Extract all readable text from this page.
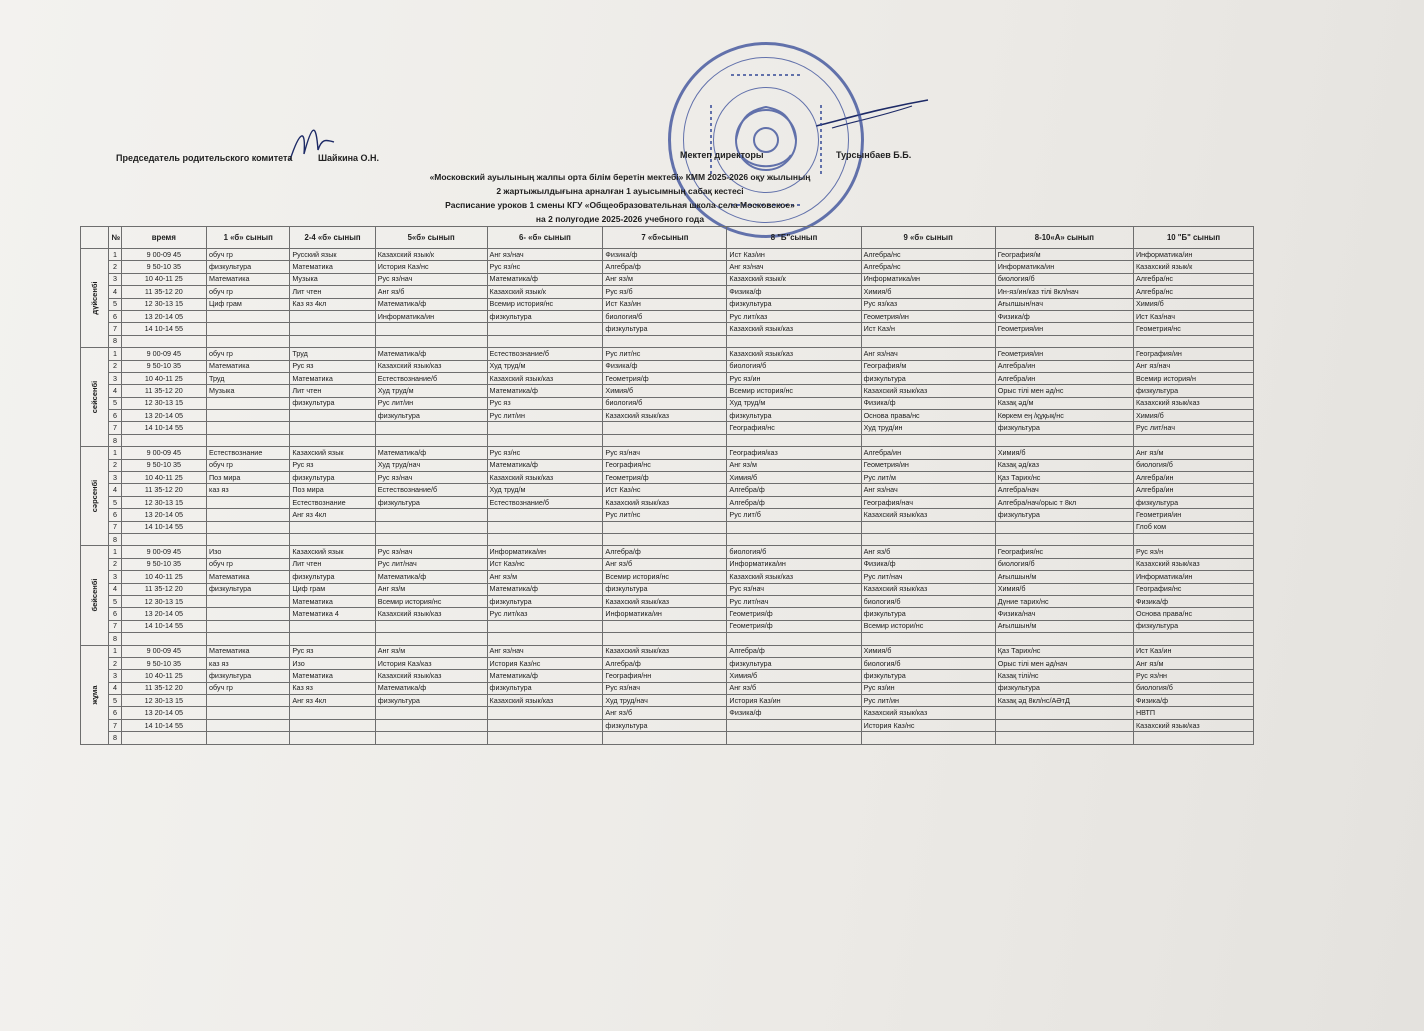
Председатель родительского комитета	Шайкина О.Н.	Мектеп директоры	Турсынбаев Б.Б.
«Московский ауылының жалпы орта білім беретін мектебі» КММ 2025-2026 оқу жылының
2 жартыжылдығына арналған 1 ауысымның сабақ кестесі
Расписание уроков 1 смены КГУ «Общеобразовательная школа села Московское»
на 2 полугодие 2025-2026 учебного года
	№	время	1 «б» сынып	2-4 «б» сынып	5«б» сынып	6- «б» сынып	7 «б»сынып	8 "Б"сынып	9 «б» сынып	8-10«А» сынып	10 "Б" сынып

дүйсенбі	1	9 00-09 45	обуч гр	Русский язык	Казахский язык/к	Анг яз/нач	Физика/ф	Ист Каз/ин	Алгебра/нс	География/м	Информатика/ин
	2	9 50-10 35	физкультура	Математика	История Каз/нс	Рус яз/нс	Алгебра/ф	Анг яз/нач	Алгебра/нс	Информатика/ин	Казахский язык/к
	3	10 40-11 25	Математика	Музыка	Рус яз/нач	Математика/ф	Анг яз/м	Казахский язык/к	Информатика/ин	биология/б	Алгебра/нс
	4	11 35-12 20	обуч гр	Лит чтен	Анг яз/б	Казахский язык/к	Рус яз/б	Физика/ф	Химия/б	Ин-яз/ин/каз тілі 8кл/нач	Алгебра/нс
	5	12 30-13 15	Циф грам	Каз яз 4кл	Математика/ф	Всемир история/нс	Ист Каз/ин	физкультура	Рус яз/каз	Ағылшын/нач	Химия/б
	6	13 20-14 05			Информатика/ин	физкультура	биология/б	Рус лит/каз	Геометрия/ин	Физика/ф	Ист Каз/нач
	7	14 10-14 55					физкультура	Казахский язык/каз	Ист Каз/н	Геометрия/ин	Геометрия/нс
	8										

сейсенбі	1	9 00-09 45	обуч гр	Труд	Математика/ф	Естествознание/б	Рус лит/нс	Казахский язык/каз	Анг яз/нач	Геометрия/ин	География/ин
	2	9 50-10 35	Математика	Рус яз	Казахский язык/каз	Худ труд/м	Физика/ф	биология/б	География/м	Алгебра/ин	Анг яз/нач
	3	10 40-11 25	Труд	Математика	Естествознание/б	Казахский язык/каз	Геометрия/ф	Рус яз/ин	физкультура	Алгебра/ин	Всемир история/н
	4	11 35-12 20	Музыка	Лит чтен	Худ труд/м	Математика/ф	Химия/б	Всемир история/нс	Казахский язык/каз	Орыс тілі мен әд/нс	физкультура
	5	12 30-13 15		физкультура	Рус лит/ин	Рус яз	биология/б	Худ труд/м	Физика/ф	Казақ әд/м	Казахский язык/каз
	6	13 20-14 05			физкультура	Рус лит/ин	Казахский язык/каз	физкультура	Основа права/нс	Көркем ең /құқық/нс	Химия/б
	7	14 10-14 55						География/нс	Худ труд/ин	физкультура	Рус лит/нач
	8										

сәрсенбі	1	9 00-09 45	Естествознание	Казахский язык	Математика/ф	Рус яз/нс	Рус яз/нач	География/каз	Алгебра/ин	Химия/б	Анг яз/м
	2	9 50-10 35	обуч гр	Рус яз	Худ труд/нач	Математика/ф	География/нс	Анг яз/м	Геометрия/ин	Казақ әд/каз	биология/б
	3	10 40-11 25	Поз мира	физкультура	Рус яз/нач	Казахский язык/каз	Геометрия/ф	Химия/б	Рус лит/м	Қаз Тарих/нс	Алгебра/ин
	4	11 35-12 20	каз яз	Поз мира	Естествознание/б	Худ труд/м	Ист Каз/нс	Алгебра/ф	Анг яз/нач	Алгебра/нач	Алгебра/ин
	5	12 30-13 15		Естествознание	физкультура	Естествознание/б	Казахский язык/каз	Алгебра/ф	География/нач	Алгебра/нач/орыс т 8кл	физкультура
	6	13 20-14 05		Анг яз 4кл			Рус лит/нс	Рус лит/б	Казахский язык/каз	физкультура	Геометрия/ин
	7	14 10-14 55									Глоб ком
	8										

бейсенбі	1	9 00-09 45	Изо	Казахский язык	Рус яз/нач	Информатика/ин	Алгебра/ф	биология/б	Анг яз/б	География/нс	Рус яз/н
	2	9 50-10 35	обуч гр	Лит чтен	Рус лит/нач	Ист Каз/нс	Анг яз/б	Информатика/ин	Физика/ф	биология/б	Казахский язык/каз
	3	10 40-11 25	Математика	физкультура	Математика/ф	Анг яз/м	Всемир история/нс	Казахский язык/каз	Рус лит/нач	Ағылшын/м	Информатика/ин
	4	11 35-12 20	физкультура	Циф грам	Анг яз/м	Математика/ф	физкультура	Рус яз/нач	Казахский язык/каз	Химия/б	География/нс
	5	12 30-13 15		Математика	Всемир история/нс	физкультура	Казахский язык/каз	Рус лит/нач	биология/б	Дүние тарих/нс	Физика/ф
	6	13 20-14 05		Математика 4	Казахский язык/каз	Рус лит/каз	Информатика/ин	Геометрия/ф	физкультура	Физика/нач	Основа права/нс
	7	14 10-14 55						Геометрия/ф	Всемир истори/нс	Ағылшын/м	физкультура
	8										

жұма	1	9 00-09 45	Математика	Рус яз	Анг яз/м	Анг яз/нач	Казахский язык/каз	Алгебра/ф	Химия/б	Қаз Тарих/нс	Ист Каз/ин
	2	9 50-10 35	каз яз	Изо	История Каз/каз	История Каз/нс	Алгебра/ф	физкультура	биология/б	Орыс тілі мен әд/нач	Анг яз/м
	3	10 40-11 25	физкультура	Математика	Казахский язык/каз	Математика/ф	География/нн	Химия/б	физкультура	Казақ тілі/нс	Рус яз/нн
	4	11 35-12 20	обуч гр	Каз яз	Математика/ф	физкультура	Рус яз/нач	Анг яз/б	Рус яз/ин	физкультура	биология/б
	5	12 30-13 15		Анг яз 4кл	физкультура	Казахский язык/каз	Худ труд/нач	История Каз/ин	Рус лит/ин	Казақ әд 8кл/нс/АӘтД	Физика/ф
	6	13 20-14 05					Анг яз/б	Физика/ф	Казахский язык/каз		НВТП
	7	14 10-14 55					физкультура		История Каз/нс		Казахский язык/каз
	8										
